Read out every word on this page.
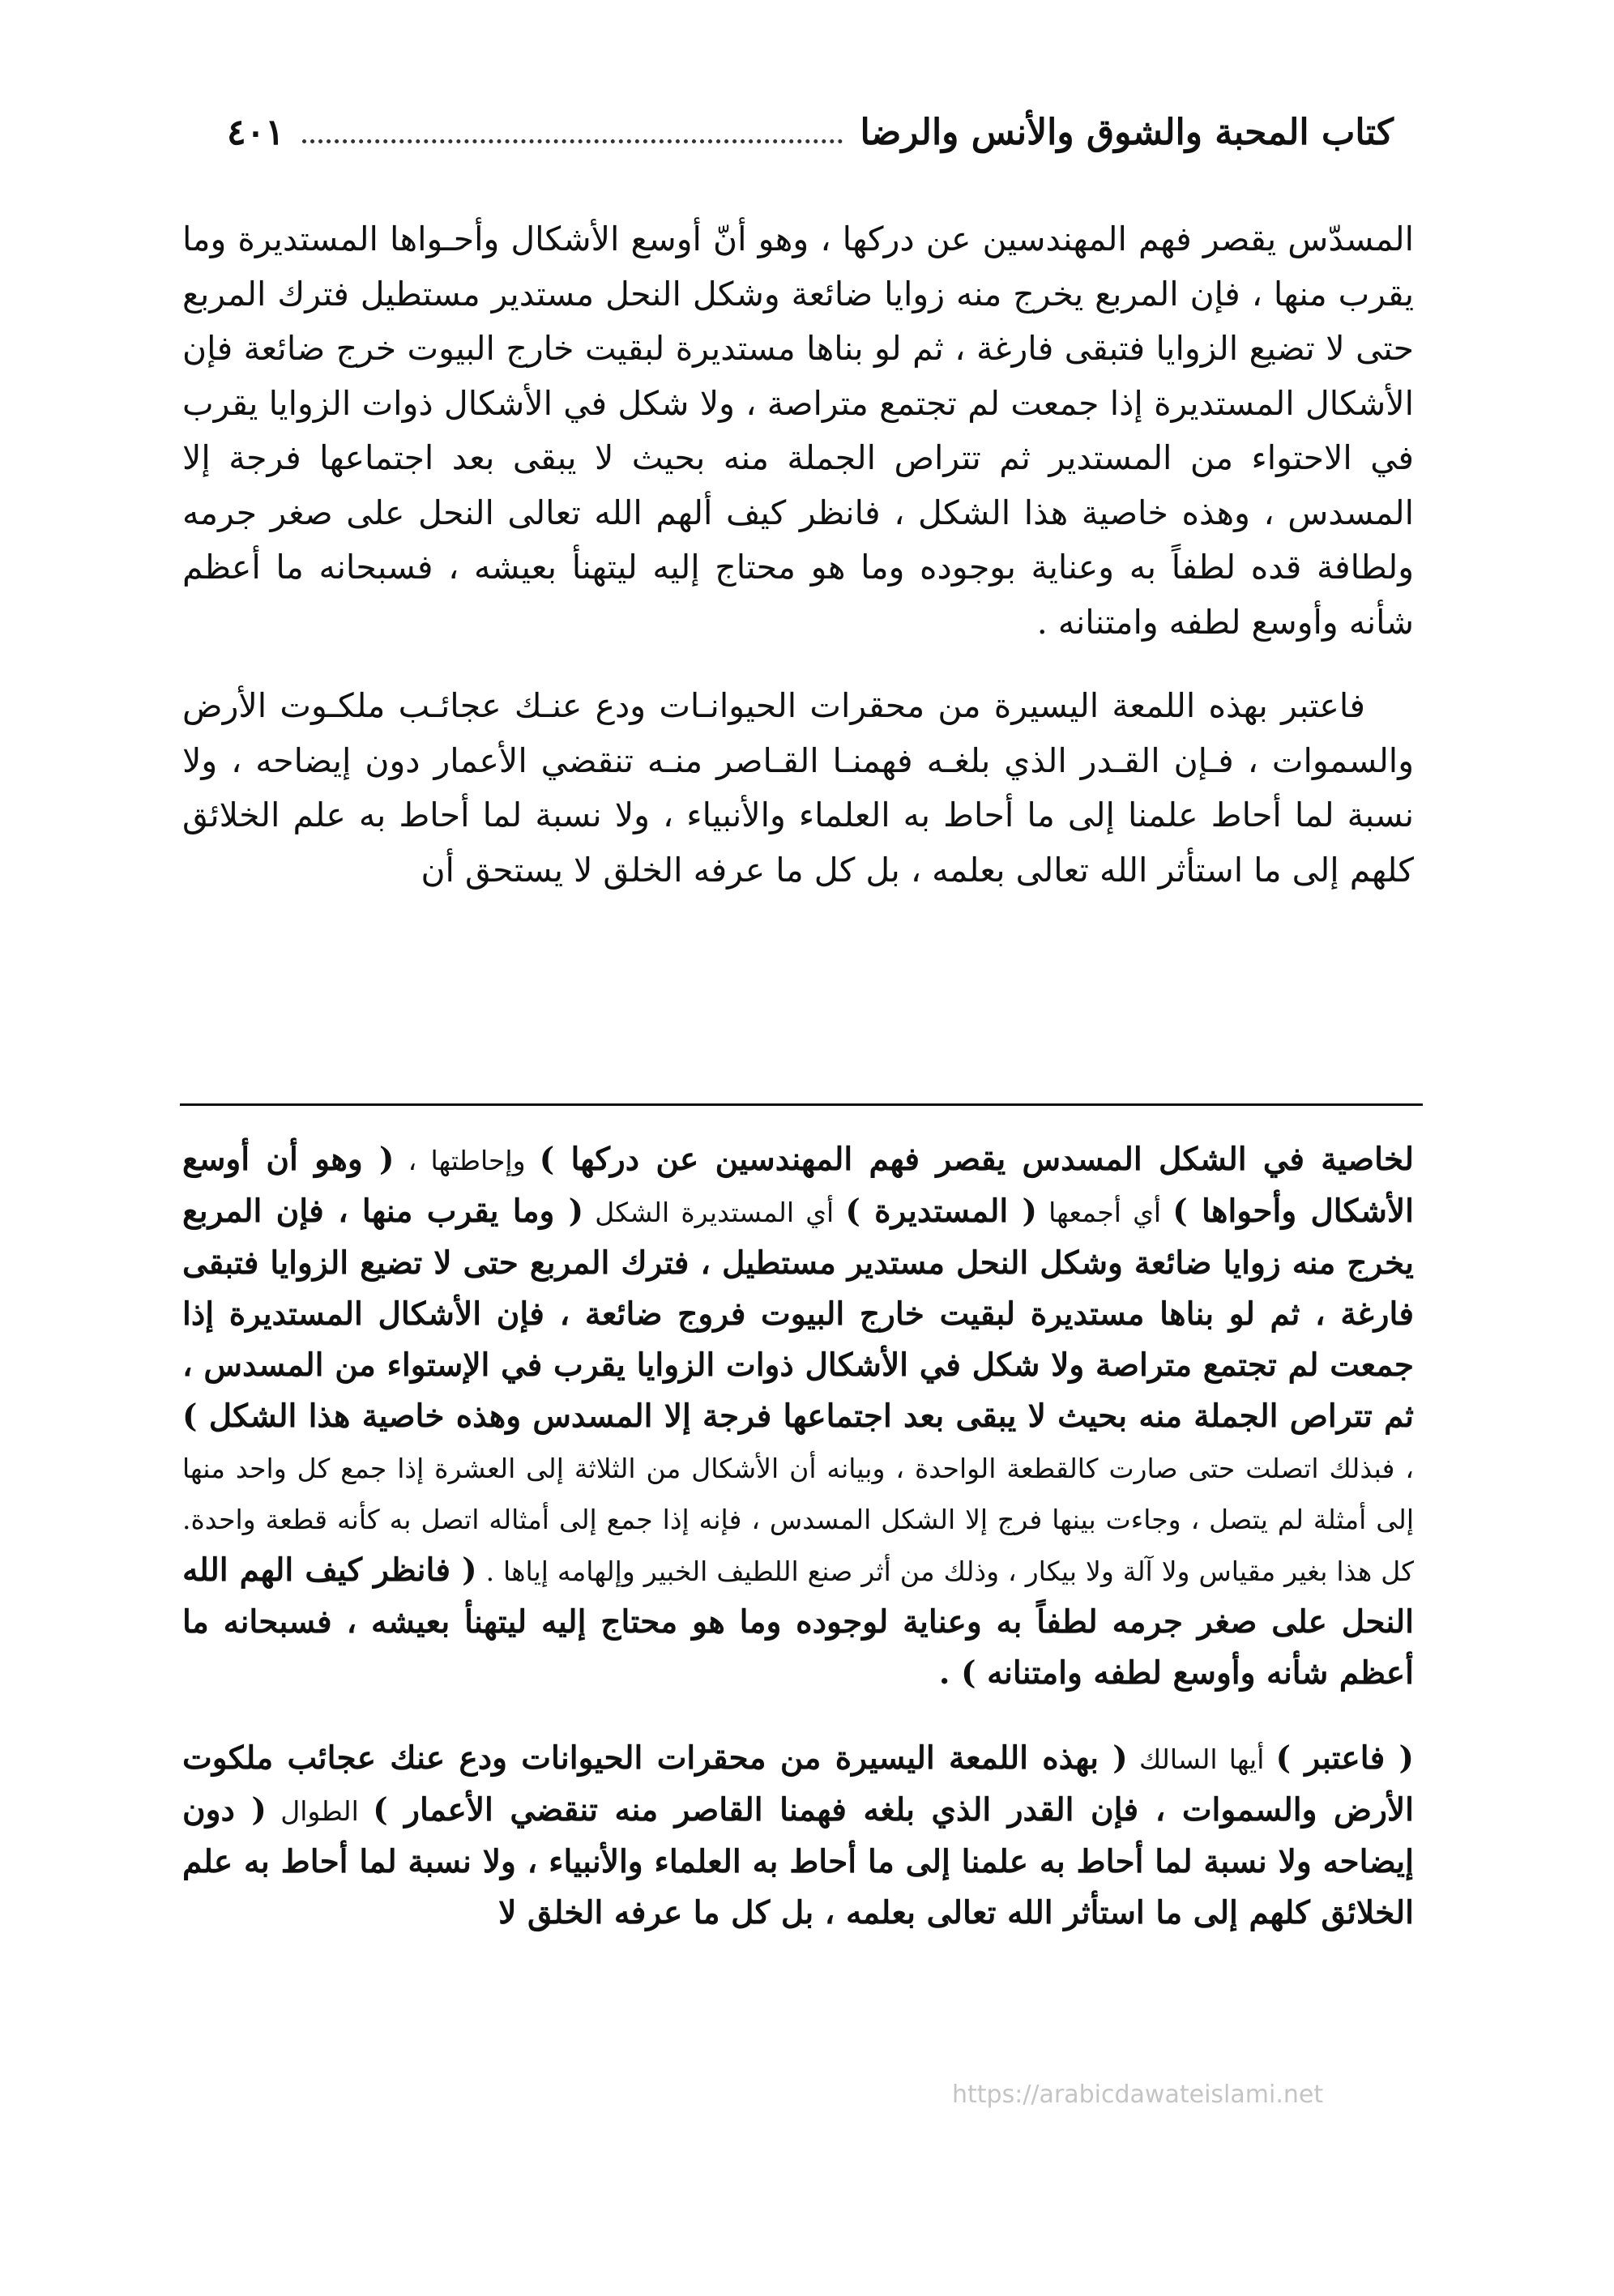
كتاب المحبة والشوق والأنس والرضا
٤٠١

المسدّس يقصر فهم المهندسين عن دركها ، وهو أنّ أوسع الأشكال وأحـواها المستديرة وما يقرب منها ، فإن المربع يخرج منه زوايا ضائعة وشكل النحل مستدير مستطيل فترك المربع حتى لا تضيع الزوايا فتبقى فارغة ، ثم لو بناها مستديرة لبقيت خارج البيوت خرج ضائعة فإن الأشكال المستديرة إذا جمعت لم تجتمع متراصة ، ولا شكل في الأشكال ذوات الزوايا يقرب في الاحتواء من المستدير ثم تتراص الجملة منه بحيث لا يبقى بعد اجتماعها فرجة إلا المسدس ، وهذه خاصية هذا الشكل ، فانظر كيف ألهم الله تعالى النحل على صغر جرمه ولطافة قده لطفاً به وعناية بوجوده وما هو محتاج إليه ليتهنأ بعيشه ، فسبحانه ما أعظم شأنه وأوسع لطفه وامتنانه .

فاعتبر بهذه اللمعة اليسيرة من محقرات الحيوانـات ودع عنـك عجائـب ملكـوت الأرض والسموات ، فـإن القـدر الذي بلغـه فهمنـا القـاصر منـه تنقضي الأعمار دون إيضاحه ، ولا نسبة لما أحاط علمنا إلى ما أحاط به العلماء والأنبياء ، ولا نسبة لما أحاط به علم الخلائق كلهم إلى ما استأثر الله تعالى بعلمه ، بل كل ما عرفه الخلق لا يستحق أن

لخاصية في الشكل المسدس يقصر فهم المهندسين عن دركها ) وإحاطتها ، ( وهو أن أوسع الأشكال وأحواها ) أي أجمعها ( المستديرة ) أي المستديرة الشكل ( وما يقرب منها ، فإن المربع يخرج منه زوايا ضائعة وشكل النحل مستدير مستطيل ، فترك المربع حتى لا تضيع الزوايا فتبقى فارغة ، ثم لو بناها مستديرة لبقيت خارج البيوت فروج ضائعة ، فإن الأشكال المستديرة إذا جمعت لم تجتمع متراصة ولا شكل في الأشكال ذوات الزوايا يقرب في الإستواء من المسدس ، ثم تتراص الجملة منه بحيث لا يبقى بعد اجتماعها فرجة إلا المسدس وهذه خاصية هذا الشكل ) ، فبذلك اتصلت حتى صارت كالقطعة الواحدة ، وبيانه أن الأشكال من الثلاثة إلى العشرة إذا جمع كل واحد منها إلى أمثلة لم يتصل ، وجاءت بينها فرج إلا الشكل المسدس ، فإنه إذا جمع إلى أمثاله اتصل به كأنه قطعة واحدة. كل هذا بغير مقياس ولا آلة ولا بيكار ، وذلك من أثر صنع اللطيف الخبير وإلهامه إياها . ( فانظر كيف الهم الله النحل على صغر جرمه لطفاً به وعناية لوجوده وما هو محتاج إليه ليتهنأ بعيشه ، فسبحانه ما أعظم شأنه وأوسع لطفه وامتنانه ) .

( فاعتبر ) أيها السالك ( بهذه اللمعة اليسيرة من محقرات الحيوانات ودع عنك عجائب ملكوت الأرض والسموات ، فإن القدر الذي بلغه فهمنا القاصر منه تنقضي الأعمار ) الطوال ( دون إيضاحه ولا نسبة لما أحاط به علمنا إلى ما أحاط به العلماء والأنبياء ، ولا نسبة لما أحاط به علم الخلائق كلهم إلى ما استأثر الله تعالى بعلمه ، بل كل ما عرفه الخلق لا

https://arabicdawateislami.net
